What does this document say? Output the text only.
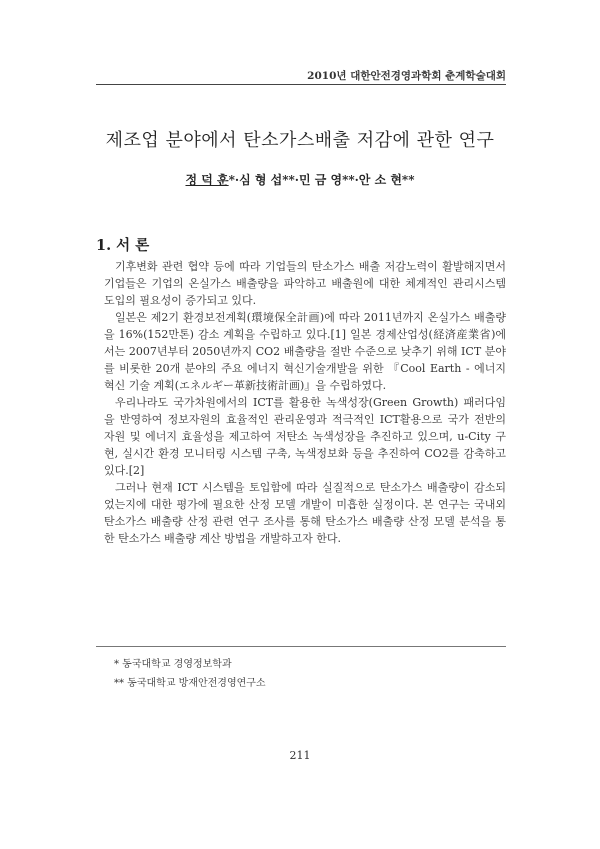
2010년 대한안전경영과학회 춘계학술대회
제조업 분야에서 탄소가스배출 저감에 관한 연구
정 덕 훈*·심 형 섭**·민 금 영**·안 소 현**
1. 서 론

기후변화 관련 협약 등에 따라 기업들의 탄소가스 배출 저감노력이 활발해지면서 기업들은 기업의 온실가스 배출량을 파악하고 배출원에 대한 체계적인 관리시스템 도입의 필요성이 증가되고 있다.

일본은 제2기 환경보전계획(環境保全計画)에 따라 2011년까지 온실가스 배출량을 16%(152만톤) 감소 계획을 수립하고 있다.[1] 일본 경제산업성(経済産業省)에서는 2007년부터 2050년까지 CO2 배출량을 절반 수준으로 낮추기 위해 ICT 분야를 비롯한 20개 분야의 주요 에너지 혁신기술개발을 위한 『Cool Earth - 에너지 혁신 기술 계획(エネルギー革新技術計画)』을 수립하였다.

우리나라도 국가차원에서의 ICT를 활용한 녹색성장(Green Growth) 패러다임을 반영하여 정보자원의 효율적인 관리운영과 적극적인 ICT활용으로 국가 전반의 자원 및 에너지 효율성을 제고하여 저탄소 녹색성장을 추진하고 있으며, u-City 구현, 실시간 환경 모니터링 시스템 구축, 녹색정보화 등을 추진하여 CO2를 감축하고 있다.[2]

그러나 현재 ICT 시스템을 토입함에 따라 실질적으로 탄소가스 배출량이 감소되었는지에 대한 평가에 필요한 산정 모델 개발이 미흡한 실정이다. 본 연구는 국내외 탄소가스 배출량 산정 관련 연구 조사를 통해 탄소가스 배출량 산정 모델 분석을 통한 탄소가스 배출량 계산 방법을 개발하고자 한다.

* 동국대학교 경영정보학과
** 동국대학교 방재안전경영연구소
211
